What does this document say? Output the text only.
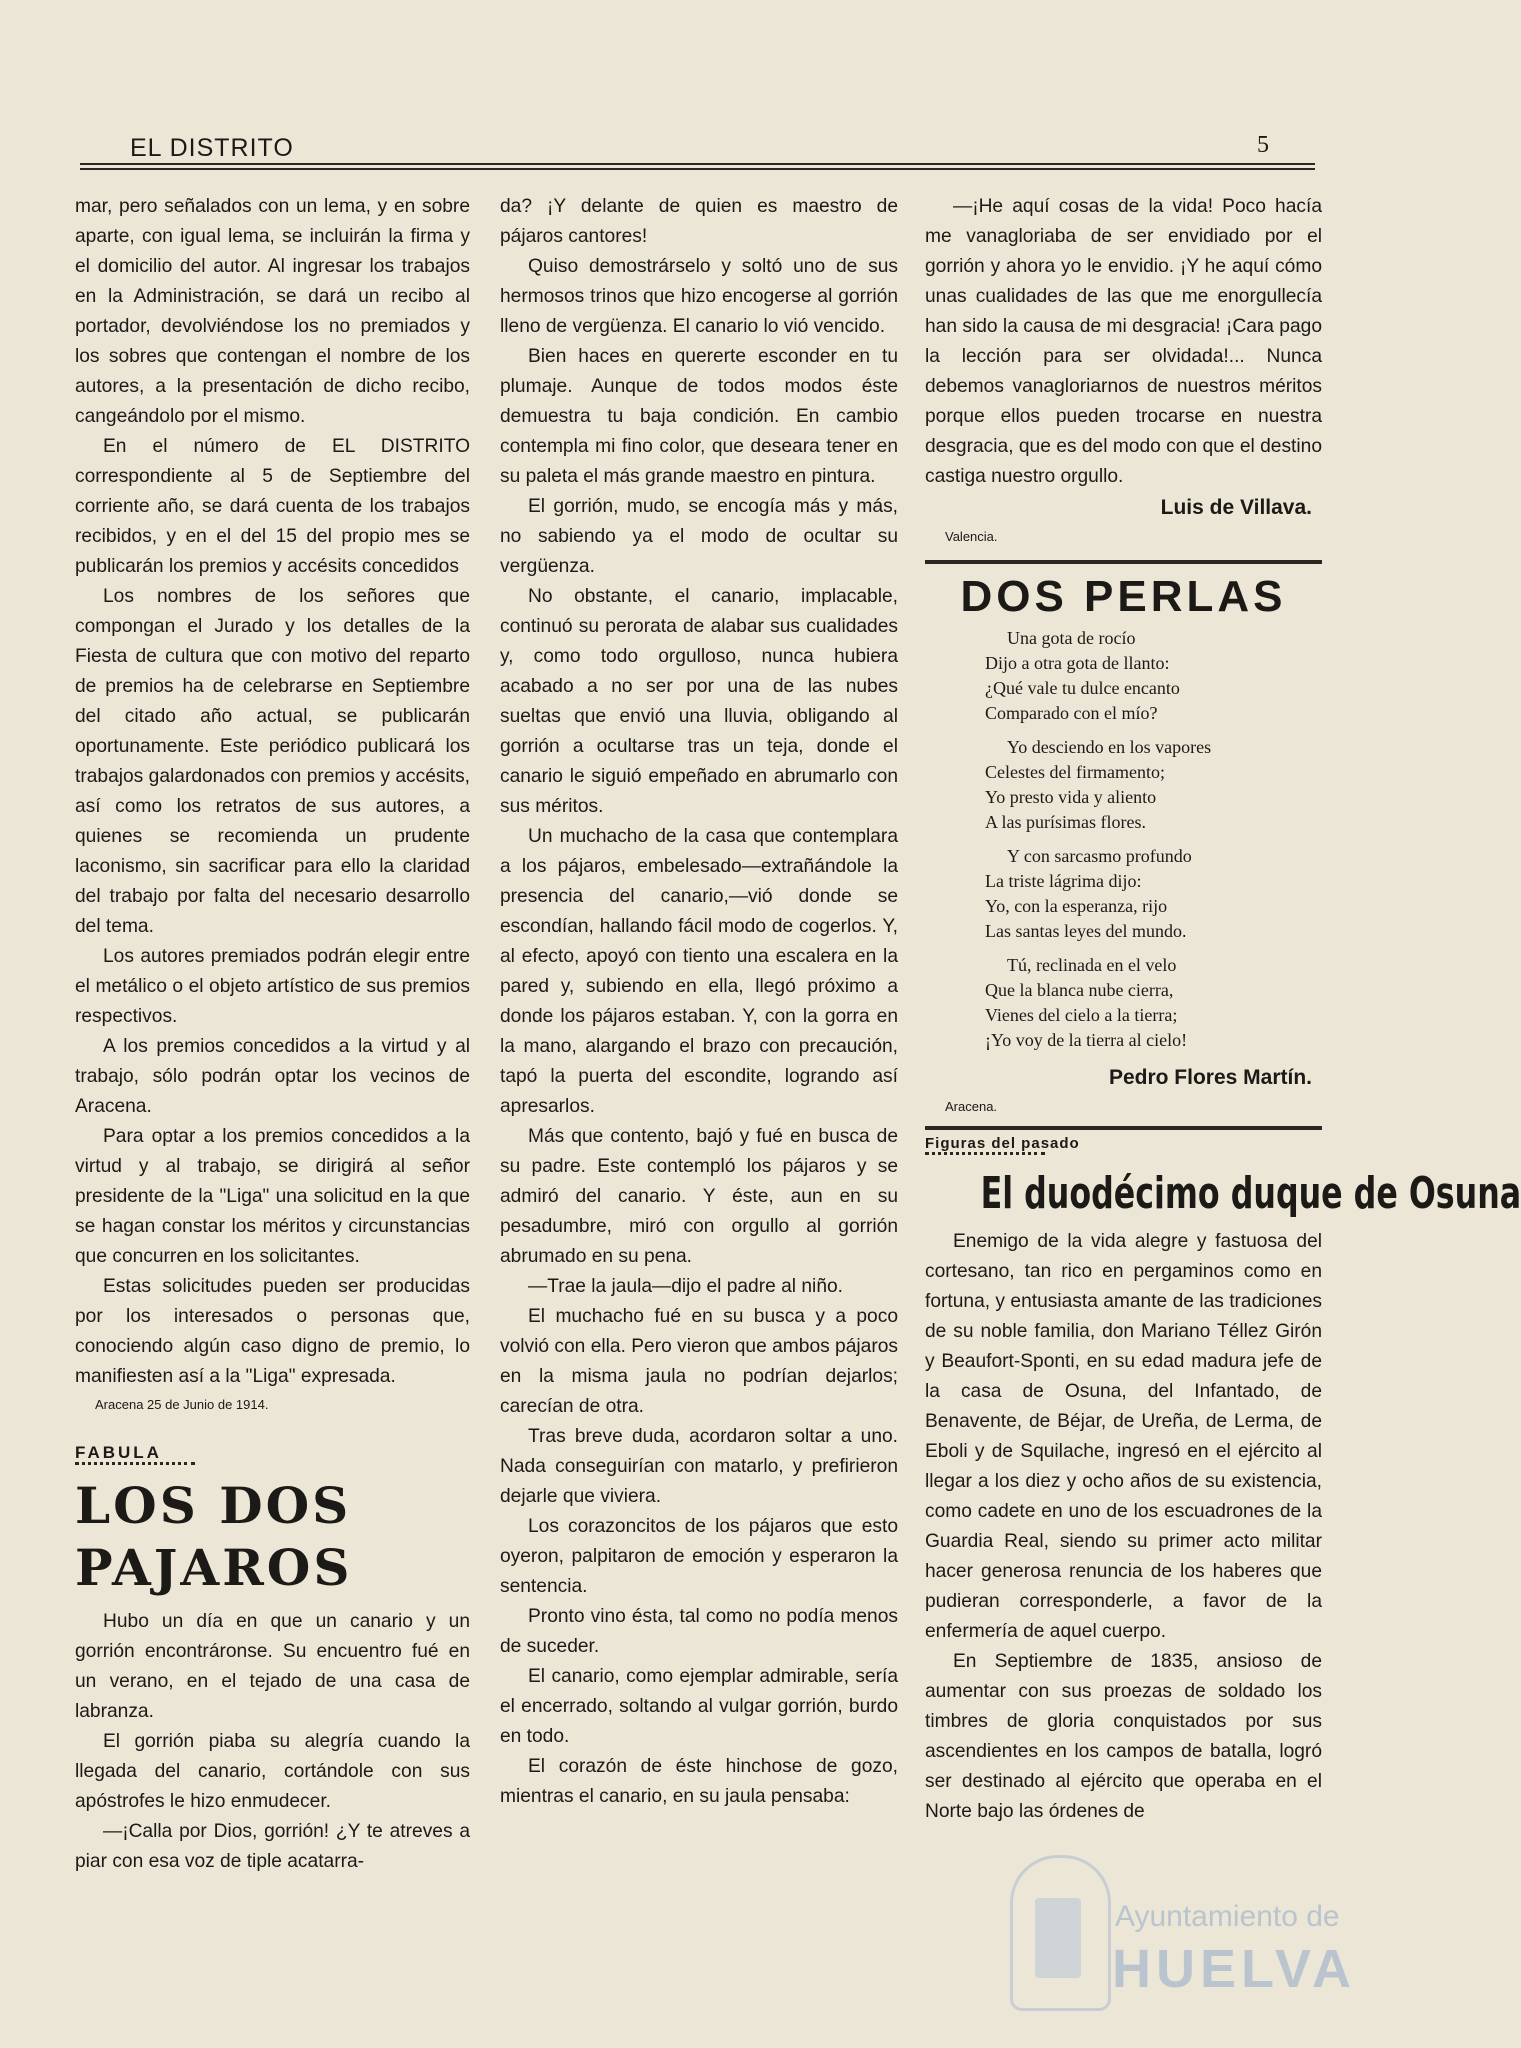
EL DISTRITO	5

mar, pero señalados con un lema, y en sobre aparte, con igual lema, se incluirán la firma y el domicilio del autor. Al ingresar los trabajos en la Administración, se dará un recibo al portador, devolviéndose los no premiados y los sobres que contengan el nombre de los autores, a la presentación de dicho recibo, cangeándolo por el mismo.

En el número de EL DISTRITO correspondiente al 5 de Septiembre del corriente año, se dará cuenta de los trabajos recibidos, y en el del 15 del propio mes se publicarán los premios y accésits concedidos

Los nombres de los señores que compongan el Jurado y los detalles de la Fiesta de cultura que con motivo del reparto de premios ha de celebrarse en Septiembre del citado año actual, se publicarán oportunamente. Este periódico publicará los trabajos galardonados con premios y accésits, así como los retratos de sus autores, a quienes se recomienda un prudente laconismo, sin sacrificar para ello la claridad del trabajo por falta del necesario desarrollo del tema.

Los autores premiados podrán elegir entre el metálico o el objeto artístico de sus premios respectivos.

A los premios concedidos a la virtud y al trabajo, sólo podrán optar los vecinos de Aracena.

Para optar a los premios concedidos a la virtud y al trabajo, se dirigirá al señor presidente de la "Liga" una solicitud en la que se hagan constar los méritos y circunstancias que concurren en los solicitantes.

Estas solicitudes pueden ser producidas por los interesados o personas que, conociendo algún caso digno de premio, lo manifiesten así a la "Liga" expresada.

Aracena 25 de Junio de 1914.
FABULA
LOS DOS PAJAROS

Hubo un día en que un canario y un gorrión encontráronse. Su encuentro fué en un verano, en el tejado de una casa de labranza.

El gorrión piaba su alegría cuando la llegada del canario, cortándole con sus apóstrofes le hizo enmudecer.

—¡Calla por Dios, gorrión! ¿Y te atreves a piar con esa voz de tiple acatarra-

da? ¡Y delante de quien es maestro de pájaros cantores!

Quiso demostrárselo y soltó uno de sus hermosos trinos que hizo encogerse al gorrión lleno de vergüenza. El canario lo vió vencido.

Bien haces en quererte esconder en tu plumaje. Aunque de todos modos éste demuestra tu baja condición. En cambio contempla mi fino color, que deseara tener en su paleta el más grande maestro en pintura.

El gorrión, mudo, se encogía más y más, no sabiendo ya el modo de ocultar su vergüenza.

No obstante, el canario, implacable, continuó su perorata de alabar sus cualidades y, como todo orgulloso, nunca hubiera acabado a no ser por una de las nubes sueltas que envió una lluvia, obligando al gorrión a ocultarse tras un teja, donde el canario le siguió empeñado en abrumarlo con sus méritos.

Un muchacho de la casa que contemplara a los pájaros, embelesado—extrañándole la presencia del canario,—vió donde se escondían, hallando fácil modo de cogerlos. Y, al efecto, apoyó con tiento una escalera en la pared y, subiendo en ella, llegó próximo a donde los pájaros estaban. Y, con la gorra en la mano, alargando el brazo con precaución, tapó la puerta del escondite, logrando así apresarlos.

Más que contento, bajó y fué en busca de su padre. Este contempló los pájaros y se admiró del canario. Y éste, aun en su pesadumbre, miró con orgullo al gorrión abrumado en su pena.

—Trae la jaula—dijo el padre al niño.

El muchacho fué en su busca y a poco volvió con ella. Pero vieron que ambos pájaros en la misma jaula no podrían dejarlos; carecían de otra.

Tras breve duda, acordaron soltar a uno. Nada conseguirían con matarlo, y prefirieron dejarle que viviera.

Los corazoncitos de los pájaros que esto oyeron, palpitaron de emoción y esperaron la sentencia.

Pronto vino ésta, tal como no podía menos de suceder.

El canario, como ejemplar admirable, sería el encerrado, soltando al vulgar gorrión, burdo en todo.

El corazón de éste hinchose de gozo, mientras el canario, en su jaula pensaba:

—¡He aquí cosas de la vida! Poco hacía me vanagloriaba de ser envidiado por el gorrión y ahora yo le envidio. ¡Y he aquí cómo unas cualidades de las que me enorgullecía han sido la causa de mi desgracia! ¡Cara pago la lección para ser olvidada!... Nunca debemos vanagloriarnos de nuestros méritos porque ellos pueden trocarse en nuestra desgracia, que es del modo con que el destino castiga nuestro orgullo.

Luis de Villava.
Valencia.
DOS PERLAS
Una gota de rocío
Dijo a otra gota de llanto:
¿Qué vale tu dulce encanto
Comparado con el mío?
Yo desciendo en los vapores
Celestes del firmamento;
Yo presto vida y aliento
A las purísimas flores.
Y con sarcasmo profundo
La triste lágrima dijo:
Yo, con la esperanza, rijo
Las santas leyes del mundo.
Tú, reclinada en el velo
Que la blanca nube cierra,
Vienes del cielo a la tierra;
¡Yo voy de la tierra al cielo!
Pedro Flores Martín.
Aracena.
Figuras del pasado
El duodécimo duque de Osuna

Enemigo de la vida alegre y fastuosa del cortesano, tan rico en pergaminos como en fortuna, y entusiasta amante de las tradiciones de su noble familia, don Mariano Téllez Girón y Beaufort-Sponti, en su edad madura jefe de la casa de Osuna, del Infantado, de Benavente, de Béjar, de Ureña, de Lerma, de Eboli y de Squilache, ingresó en el ejército al llegar a los diez y ocho años de su existencia, como cadete en uno de los escuadrones de la Guardia Real, siendo su primer acto militar hacer generosa renuncia de los haberes que pudieran corresponderle, a favor de la enfermería de aquel cuerpo.

En Septiembre de 1835, ansioso de aumentar con sus proezas de soldado los timbres de gloria conquistados por sus ascendientes en los campos de batalla, logró ser destinado al ejército que operaba en el Norte bajo las órdenes de

Ayuntamiento de
HUELVA
